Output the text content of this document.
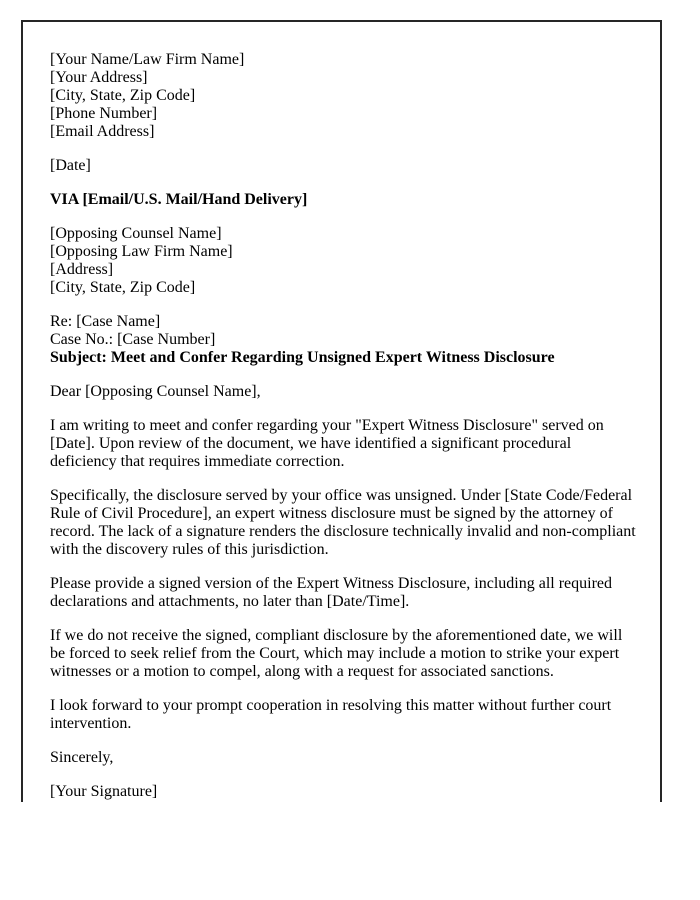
[Your Name/Law Firm Name]
[Your Address]
[City, State, Zip Code]
[Phone Number]
[Email Address]

[Date]

VIA [Email/U.S. Mail/Hand Delivery]

[Opposing Counsel Name]
[Opposing Law Firm Name]
[Address]
[City, State, Zip Code]
Re: [Case Name]
Case No.: [Case Number]
Subject: Meet and Confer Regarding Unsigned Expert Witness Disclosure

Dear [Opposing Counsel Name],

I am writing to meet and confer regarding your "Expert Witness Disclosure" served on [Date]. Upon review of the document, we have identified a significant procedural deficiency that requires immediate correction.

Specifically, the disclosure served by your office was unsigned. Under [State Code/Federal Rule of Civil Procedure], an expert witness disclosure must be signed by the attorney of record. The lack of a signature renders the disclosure technically invalid and non-compliant with the discovery rules of this jurisdiction.

Please provide a signed version of the Expert Witness Disclosure, including all required declarations and attachments, no later than [Date/Time].

If we do not receive the signed, compliant disclosure by the aforementioned date, we will be forced to seek relief from the Court, which may include a motion to strike your expert witnesses or a motion to compel, along with a request for associated sanctions.

I look forward to your prompt cooperation in resolving this matter without further court intervention.

Sincerely,

[Your Signature]
